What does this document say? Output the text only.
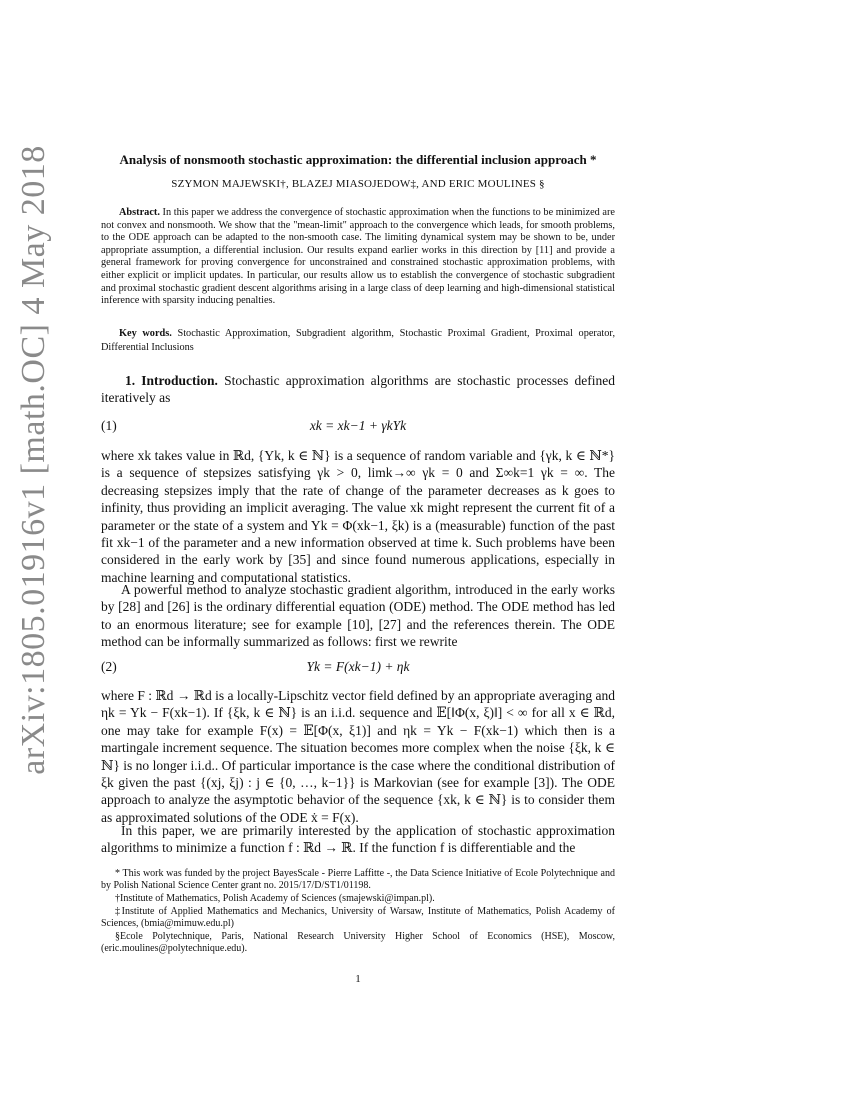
arXiv:1805.01916v1 [math.OC] 4 May 2018	Analysis of nonsmooth stochastic approximation: the differential inclusion approach *
SZYMON MAJEWSKI†, BLAZEJ MIASOJEDOW‡, AND ERIC MOULINES §
Abstract. In this paper we address the convergence of stochastic approximation when the functions to be minimized are not convex and nonsmooth. We show that the "mean-limit" approach to the convergence which leads, for smooth problems, to the ODE approach can be adapted to the non-smooth case. The limiting dynamical system may be shown to be, under appropriate assumption, a differential inclusion. Our results expand earlier works in this direction by [11] and provide a general framework for proving convergence for unconstrained and constrained stochastic approximation problems, with either explicit or implicit updates. In particular, our results allow us to establish the convergence of stochastic subgradient and proximal stochastic gradient descent algorithms arising in a large class of deep learning and high-dimensional statistical inference with sparsity inducing penalties.
Key words. Stochastic Approximation, Subgradient algorithm, Stochastic Proximal Gradient, Proximal operator, Differential Inclusions
1. Introduction. Stochastic approximation algorithms are stochastic processes defined iteratively as
(1)	xk = xk−1 + γkYk
where xk takes value in ℝd, {Yk, k ∈ ℕ} is a sequence of random variable and {γk, k ∈ ℕ*} is a sequence of stepsizes satisfying γk > 0, limk→∞ γk = 0 and Σ∞k=1 γk = ∞. The decreasing stepsizes imply that the rate of change of the parameter decreases as k goes to infinity, thus providing an implicit averaging. The value xk might represent the current fit of a parameter or the state of a system and Yk = Φ(xk−1, ξk) is a (measurable) function of the past fit xk−1 of the parameter and a new information observed at time k. Such problems have been considered in the early work by [35] and since found numerous applications, especially in machine learning and computational statistics.
A powerful method to analyze stochastic gradient algorithm, introduced in the early works by [28] and [26] is the ordinary differential equation (ODE) method. The ODE method has led to an enormous literature; see for example [10], [27] and the references therein. The ODE method can be informally summarized as follows: first we rewrite
(2)	Yk = F(xk−1) + ηk
where F : ℝd → ℝd is a locally-Lipschitz vector field defined by an appropriate averaging and ηk = Yk − F(xk−1). If {ξk, k ∈ ℕ} is an i.i.d. sequence and 𝔼[‖Φ(x, ξ)‖] < ∞ for all x ∈ ℝd, one may take for example F(x) = 𝔼[Φ(x, ξ1)] and ηk = Yk − F(xk−1) which then is a martingale increment sequence. The situation becomes more complex when the noise {ξk, k ∈ ℕ} is no longer i.i.d.. Of particular importance is the case where the conditional distribution of ξk given the past {(xj, ξj) : j ∈ {0, …, k−1}} is Markovian (see for example [3]). The ODE approach to analyze the asymptotic behavior of the sequence {xk, k ∈ ℕ} is to consider them as approximated solutions of the ODE ẋ = F(x).
In this paper, we are primarily interested by the application of stochastic approximation algorithms to minimize a function f : ℝd → ℝ. If the function f is differentiable and the
* This work was funded by the project BayesScale - Pierre Laffitte -, the Data Science Initiative of Ecole Polytechnique and by Polish National Science Center grant no. 2015/17/D/ST1/01198.
†Institute of Mathematics, Polish Academy of Sciences (smajewski@impan.pl).
‡Institute of Applied Mathematics and Mechanics, University of Warsaw, Institute of Mathematics, Polish Academy of Sciences, (bmia@mimuw.edu.pl)
§Ecole Polytechnique, Paris, National Research University Higher School of Economics (HSE), Moscow, (eric.moulines@polytechnique.edu).
1
